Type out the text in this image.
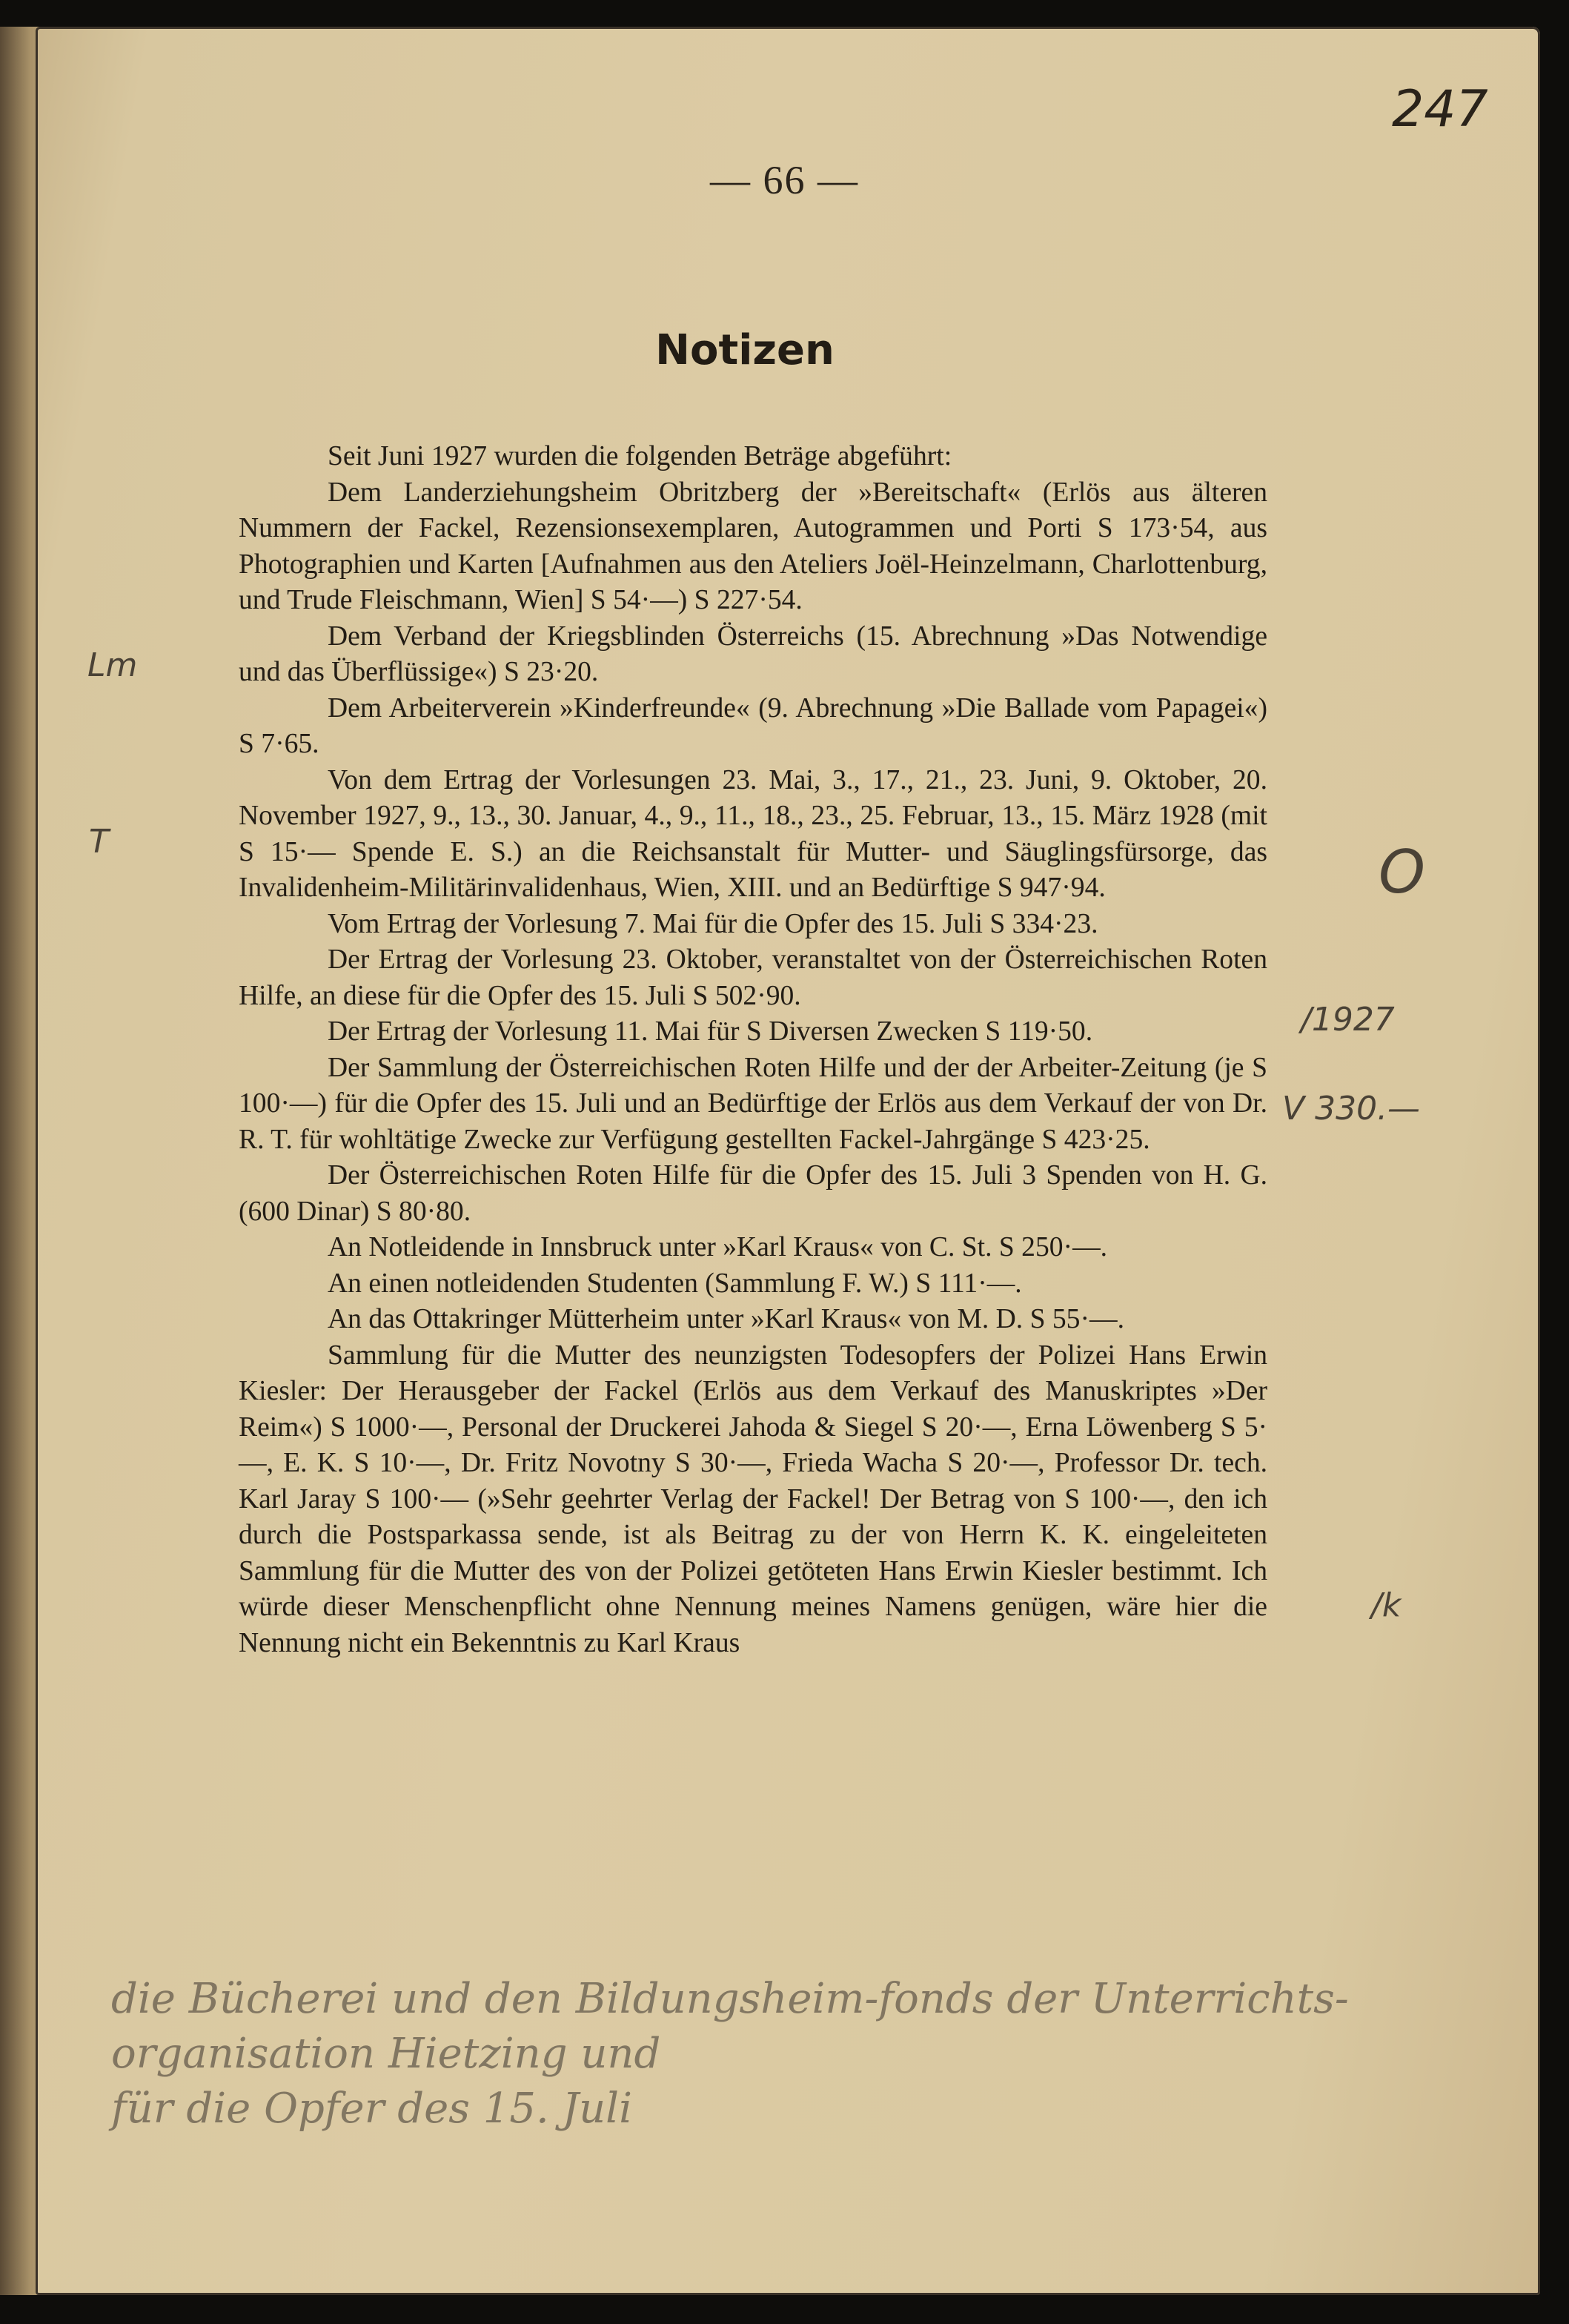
247
— 66 —
Notizen

Seit Juni 1927 wurden die folgenden Beträge abgeführt:

Dem Landerziehungsheim Obritzberg der »Bereitschaft« (Erlös aus älteren Nummern der Fackel, Rezensionsexemplaren, Autogrammen und Porti S 173·54, aus Photographien und Karten [Aufnahmen aus den Ateliers Joël-Heinzelmann, Charlottenburg, und Trude Fleischmann, Wien] S 54·—) S 227·54.

Dem Verband der Kriegsblinden Österreichs (15. Abrechnung »Das Notwendige und das Überflüssige«) S 23·20.

Dem Arbeiterverein »Kinderfreunde« (9. Abrechnung »Die Ballade vom Papagei«) S 7·65.

Von dem Ertrag der Vorlesungen 23. Mai, 3., 17., 21., 23. Juni, 9. Oktober, 20. November 1927, 9., 13., 30. Januar, 4., 9., 11., 18., 23., 25. Februar, 13., 15. März 1928 (mit S 15·— Spende E. S.) an die Reichsanstalt für Mutter- und Säuglingsfürsorge, das Invalidenheim-Militärinvalidenhaus, Wien, XIII. und an Bedürftige S 947·94.

Vom Ertrag der Vorlesung 7. Mai für die Opfer des 15. Juli S 334·23.

Der Ertrag der Vorlesung 23. Oktober, veranstaltet von der Österreichischen Roten Hilfe, an diese für die Opfer des 15. Juli S 502·90.

Der Ertrag der Vorlesung 11. Mai für S Diversen Zwecken S 119·50.

Der Sammlung der Österreichischen Roten Hilfe und der der Arbeiter-Zeitung (je S 100·—) für die Opfer des 15. Juli und an Bedürftige der Erlös aus dem Verkauf der von Dr. R. T. für wohltätige Zwecke zur Verfügung gestellten Fackel-Jahrgänge S 423·25.

Der Österreichischen Roten Hilfe für die Opfer des 15. Juli 3 Spenden von H. G. (600 Dinar) S 80·80.

An Notleidende in Innsbruck unter »Karl Kraus« von C. St. S 250·—.

An einen notleidenden Studenten (Sammlung F. W.) S 111·—.

An das Ottakringer Mütterheim unter »Karl Kraus« von M. D. S 55·—.

Sammlung für die Mutter des neunzigsten Todesopfers der Polizei Hans Erwin Kiesler: Der Herausgeber der Fackel (Erlös aus dem Verkauf des Manuskriptes »Der Reim«) S 1000·—, Personal der Druckerei Jahoda & Siegel S 20·—, Erna Löwenberg S 5·—, E. K. S 10·—, Dr. Fritz Novotny S 30·—, Frieda Wacha S 20·—, Professor Dr. tech. Karl Jaray S 100·— (»Sehr geehrter Verlag der Fackel! Der Betrag von S 100·—, den ich durch die Postsparkassa sende, ist als Beitrag zu der von Herrn K. K. eingeleiteten Sammlung für die Mutter des von der Polizei getöteten Hans Erwin Kiesler bestimmt. Ich würde dieser Menschenpflicht ohne Nennung meines Namens genügen, wäre hier die Nennung nicht ein Bekenntnis zu Karl Kraus

Lm
T	O
/1927
V 330.—
/k
die Bücherei und den Bildungsheim-fonds der Unterrichts-
organisation Hietzing und
für die Opfer des 15. Juli
